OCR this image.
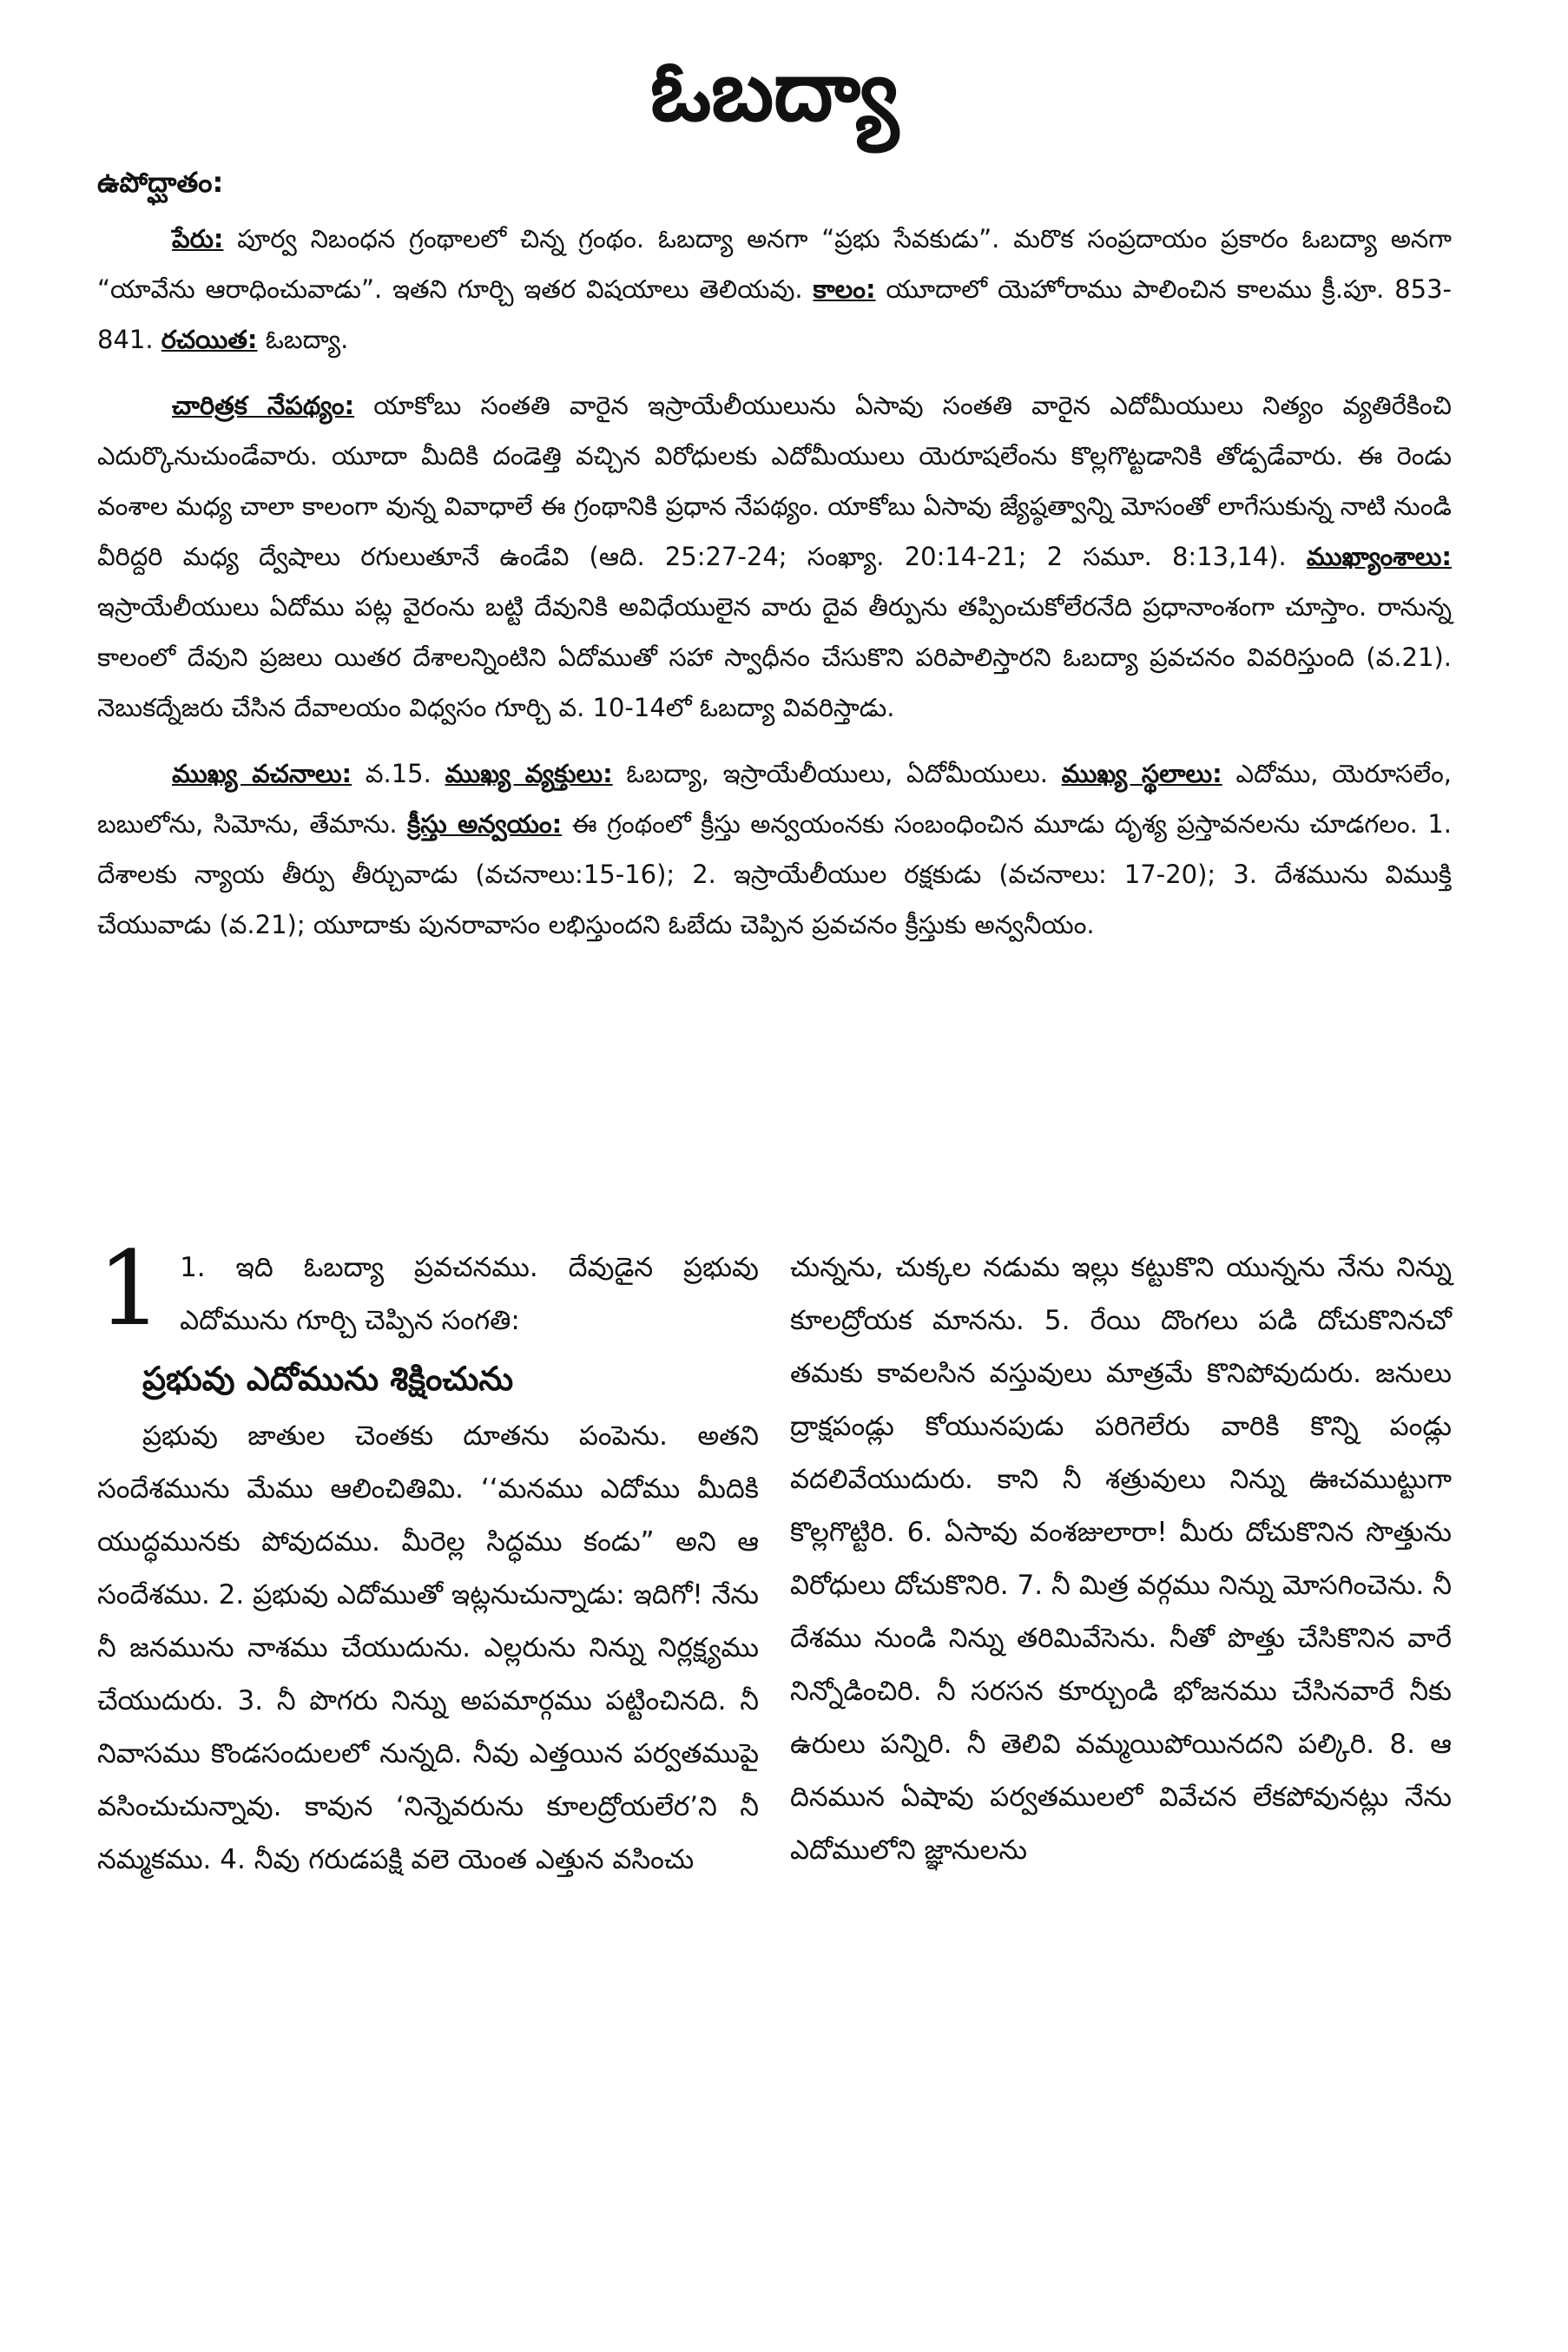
ఓబద్యా
ఉపోద్ఘాతం:

పేరు: పూర్వ నిబంధన గ్రంథాలలో చిన్న గ్రంథం. ఓబద్యా అనగా “ప్రభు సేవకుడు”. మరొక సంప్రదాయం ప్రకారం ఓబద్యా అనగా “యావేను ఆరాధించువాడు”. ఇతని గూర్చి ఇతర విషయాలు తెలియవు. కాలం: యూదాలో యెహోరాము పాలించిన కాలము క్రీ.పూ. 853-841. రచయిత: ఓబద్యా.

చారిత్రక నేపథ్యం: యాకోబు సంతతి వారైన ఇస్రాయేలీయులును ఏసావు సంతతి వారైన ఎదోమీయులు నిత్యం వ్యతిరేకించి ఎదుర్కొనుచుండేవారు. యూదా మీదికి దండెత్తి వచ్చిన విరోధులకు ఎదోమీయులు యెరూషలేంను కొల్లగొట్టడానికి తోడ్పడేవారు. ఈ రెండు వంశాల మధ్య చాలా కాలంగా వున్న వివాధాలే ఈ గ్రంథానికి ప్రధాన నేపథ్యం. యాకోబు ఏసావు జ్యేష్ఠత్వాన్ని మోసంతో లాగేసుకున్న నాటి నుండి వీరిద్దరి మధ్య ద్వేషాలు రగులుతూనే ఉండేవి (ఆది. 25:27-24; సంఖ్యా. 20:14-21; 2 సమూ. 8:13,14). ముఖ్యాంశాలు: ఇస్రాయేలీయులు ఏదోము పట్ల వైరంను బట్టి దేవునికి అవిధేయులైన వారు దైవ తీర్పును తప్పించుకోలేరనేది ప్రధానాంశంగా చూస్తాం. రానున్న కాలంలో దేవుని ప్రజలు యితర దేశాలన్నింటిని ఏదోముతో సహా స్వాధీనం చేసుకొని పరిపాలిస్తారని ఓబద్యా ప్రవచనం వివరిస్తుంది (వ.21). నెబుకద్నేజరు చేసిన దేవాలయం విధ్వసం గూర్చి వ. 10-14లో ఓబద్యా వివరిస్తాడు.

ముఖ్య వచనాలు: వ.15. ముఖ్య వ్యక్తులు: ఓబద్యా, ఇస్రాయేలీయులు, ఏదోమీయులు. ముఖ్య స్థలాలు: ఎదోము, యెరూసలేం, బబులోను, సిమోను, తేమాను. క్రీస్తు అన్వయం: ఈ గ్రంథంలో క్రీస్తు అన్వయంనకు సంబంధించిన మూడు దృశ్య ప్రస్తావనలను చూడగలం. 1. దేశాలకు న్యాయ తీర్పు తీర్చువాడు (వచనాలు:15-16); 2. ఇస్రాయేలీయుల రక్షకుడు (వచనాలు: 17-20); 3. దేశమును విముక్తి చేయువాడు (వ.21); యూదాకు పునరావాసం లభిస్తుందని ఓబేదు చెప్పిన ప్రవచనం క్రీస్తుకు అన్వనీయం.

1 1. ఇది ఓబద్యా ప్రవచనము. దేవుడైన ప్రభువు ఎదోమును గూర్చి చెప్పిన సంగతి:

ప్రభువు ఎదోమును శిక్షించును

ప్రభువు జాతుల చెంతకు దూతను పంపెను. అతని సందేశమును మేము ఆలించితిమి. ‘‘మనము ఎదోము మీదికి యుద్ధమునకు పోవుదము. మీరెల్ల సిద్ధము కండు” అని ఆ సందేశము. 2. ప్రభువు ఎదోముతో ఇట్లనుచున్నాడు: ఇదిగో! నేను నీ జనమును నాశము చేయుదును. ఎల్లరును నిన్ను నిర్లక్ష్యము చేయుదురు. 3. నీ పొగరు నిన్ను అపమార్గము పట్టించినది. నీ నివాసము కొండసందులలో నున్నది. నీవు ఎత్తయిన పర్వతముపై వసించుచున్నావు. కావున ‘నిన్నెవరును కూలద్రోయలేర’ని నీ నమ్మకము. 4. నీవు గరుడపక్షి వలె యెంత ఎత్తున వసించు

చున్నను, చుక్కల నడుమ ఇల్లు కట్టుకొని యున్నను నేను నిన్ను కూలద్రోయక మానను. 5. రేయి దొంగలు పడి దోచుకొనినచో తమకు కావలసిన వస్తువులు మాత్రమే కొనిపోవుదురు. జనులు ద్రాక్షపండ్లు కోయునపుడు పరిగెలేరు వారికి కొన్ని పండ్లు వదలివేయుదురు. కాని నీ శత్రువులు నిన్ను ఊచముట్టుగా కొల్లగొట్టిరి. 6. ఏసావు వంశజులారా! మీరు దోచుకొనిన సొత్తును విరోధులు దోచుకొనిరి. 7. నీ మిత్ర వర్గము నిన్ను మోసగించెను. నీ దేశము నుండి నిన్ను తరిమివేసెను. నీతో పొత్తు చేసికొనిన వారే నిన్నోడించిరి. నీ సరసన కూర్చుండి భోజనము చేసినవారే నీకు ఉరులు పన్నిరి. నీ తెలివి వమ్మయిపోయినదని పల్కిరి. 8. ఆ దినమున ఏషావు పర్వతములలో వివేచన లేకపోవునట్లు నేను ఎదోములోని జ్ఞానులను
